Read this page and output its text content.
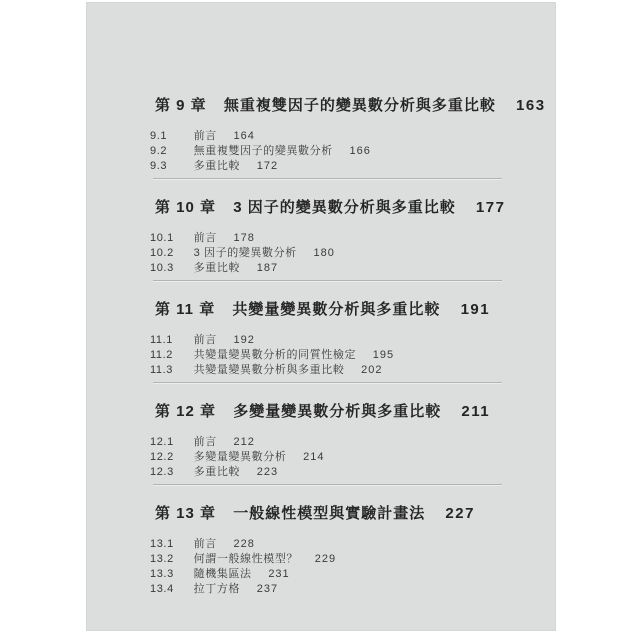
第 9 章 無重複雙因子的變異數分析與多重比較 163
9.1 前言 164
9.2 無重複雙因子的變異數分析 166
9.3 多重比較 172
第 10 章 3 因子的變異數分析與多重比較 177
10.1 前言 178
10.2 3 因子的變異數分析 180
10.3 多重比較 187
第 11 章 共變量變異數分析與多重比較 191
11.1 前言 192
11.2 共變量變異數分析的同質性檢定 195
11.3 共變量變異數分析與多重比較 202
第 12 章 多變量變異數分析與多重比較 211
12.1 前言 212
12.2 多變量變異數分析 214
12.3 多重比較 223
第 13 章 一般線性模型與實驗計畫法 227
13.1 前言 228
13.2 何謂一般線性模型？ 229
13.3 隨機集區法 231
13.4 拉丁方格 237
